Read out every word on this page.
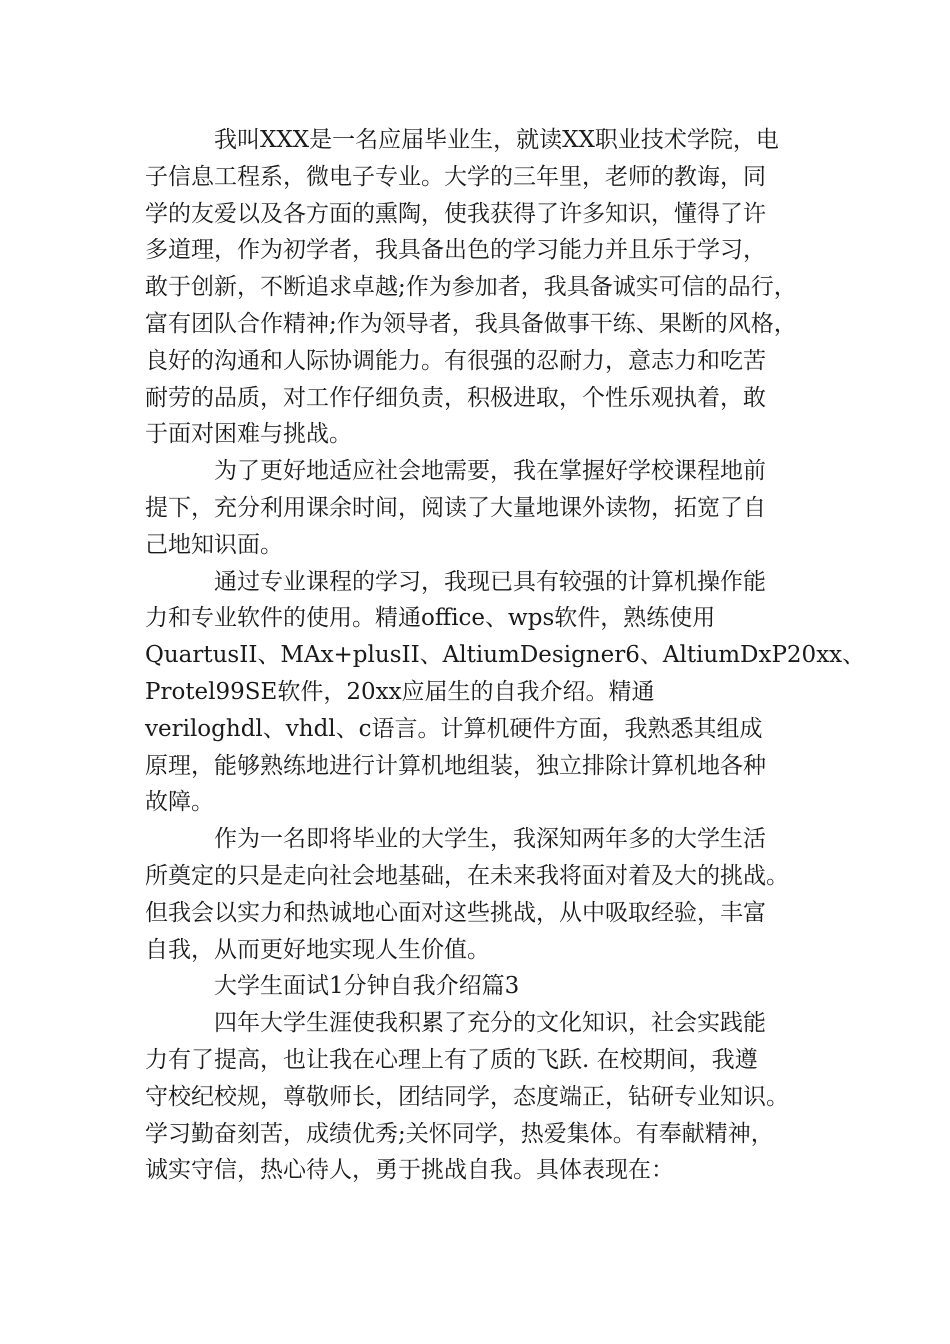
我叫XXX是一名应届毕业生，就读XX职业技术学院，电
子信息工程系，微电子专业。大学的三年里，老师的教诲，同
学的友爱以及各方面的熏陶，使我获得了许多知识，懂得了许
多道理，作为初学者，我具备出色的学习能力并且乐于学习，
敢于创新，不断追求卓越;作为参加者，我具备诚实可信的品行，
富有团队合作精神;作为领导者，我具备做事干练、果断的风格，
良好的沟通和人际协调能力。有很强的忍耐力，意志力和吃苦
耐劳的品质，对工作仔细负责，积极进取，个性乐观执着，敢
于面对困难与挑战。
为了更好地适应社会地需要，我在掌握好学校课程地前
提下，充分利用课余时间，阅读了大量地课外读物，拓宽了自
己地知识面。
通过专业课程的学习，我现已具有较强的计算机操作能
力和专业软件的使用。精通office、wps软件，熟练使用
QuartusII、MAx+plusII、AltiumDesigner6、AltiumDxP20xx、
Protel99SE软件，20xx应届生的自我介绍。精通
veriloghdl、vhdl、c语言。计算机硬件方面，我熟悉其组成
原理，能够熟练地进行计算机地组装，独立排除计算机地各种
故障。
作为一名即将毕业的大学生，我深知两年多的大学生活
所奠定的只是走向社会地基础，在未来我将面对着及大的挑战。
但我会以实力和热诚地心面对这些挑战，从中吸取经验，丰富
自我，从而更好地实现人生价值。
大学生面试1分钟自我介绍篇3
四年大学生涯使我积累了充分的文化知识，社会实践能
力有了提高，也让我在心理上有了质的飞跃. 在校期间，我遵
守校纪校规，尊敬师长，团结同学，态度端正，钻研专业知识。
学习勤奋刻苦，成绩优秀;关怀同学，热爱集体。有奉献精神，
诚实守信，热心待人，勇于挑战自我。具体表现在：
